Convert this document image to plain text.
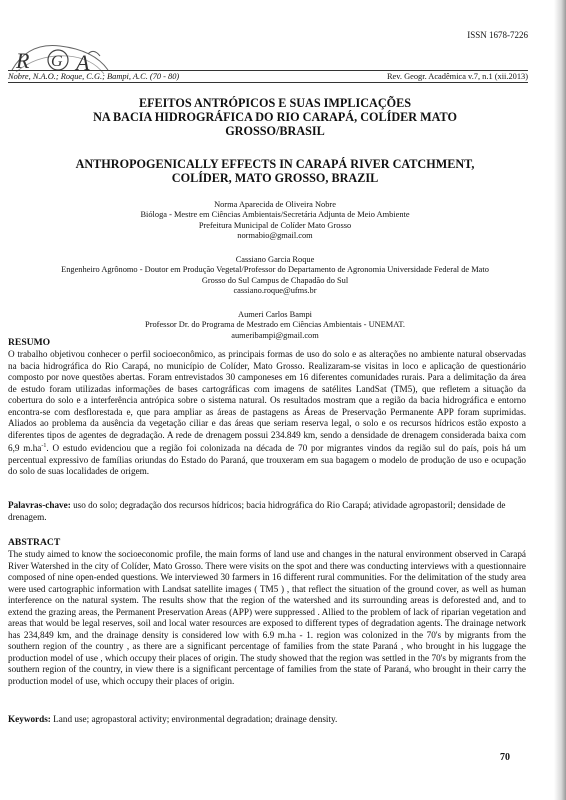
R G A
ISSN 1678-7226
Nobre, N.A.O.; Roque, C.G.; Bampi, A.C. (70 - 80)	Rev. Geogr. Acadêmica v.7, n.1 (xii.2013)
EFEITOS ANTRÓPICOS E SUAS IMPLICAÇÕES
NA BACIA HIDROGRÁFICA DO RIO CARAPÁ, COLÍDER MATO
GROSSO/BRASIL
ANTHROPOGENICALLY EFFECTS IN CARAPÁ RIVER CATCHMENT,
COLÍDER, MATO GROSSO, BRAZIL
Norma Aparecida de Oliveira Nobre
Bióloga - Mestre em Ciências Ambientais/Secretária Adjunta de Meio Ambiente
Prefeitura Municipal de Colíder Mato Grosso
normabio@gmail.com
Cassiano Garcia Roque
Engenheiro Agrônomo - Doutor em Produção Vegetal/Professor do Departamento de Agronomia Universidade Federal de Mato
Grosso do Sul Campus de Chapadão do Sul
cassiano.roque@ufms.br
Aumeri Carlos Bampi
Professor Dr. do Programa de Mestrado em Ciências Ambientais - UNEMAT.
aumeribampi@gmail.com
RESUMO

O trabalho objetivou conhecer o perfil socioeconômico, as principais formas de uso do solo e as alterações no ambiente natural observadas na bacia hidrográfica do Rio Carapá, no município de Colíder, Mato Grosso. Realizaram-se visitas in loco e aplicação de questionário composto por nove questões abertas. Foram entrevistados 30 camponeses em 16 diferentes comunidades rurais. Para a delimitação da área de estudo foram utilizadas informações de bases cartográficas com imagens de satélites LandSat (TM5), que refletem a situação da cobertura do solo e a interferência antrópica sobre o sistema natural. Os resultados mostram que a região da bacia hidrográfica e entorno encontra-se com desflorestada e, que para ampliar as áreas de pastagens as Áreas de Preservação Permanente APP foram suprimidas. Aliados ao problema da ausência da vegetação ciliar e das áreas que seriam reserva legal, o solo e os recursos hídricos estão exposto a diferentes tipos de agentes de degradação. A rede de drenagem possui 234.849 km, sendo a densidade de drenagem considerada baixa com 6,9 $m.ha^{-1}$. O estudo evidenciou que a região foi colonizada na década de 70 por migrantes vindos da região sul do país, pois há um percentual expressivo de famílias oriundas do Estado do Paraná, que trouxeram em sua bagagem o modelo de produção de uso e ocupação do solo de suas localidades de origem.

Palavras-chave: uso do solo; degradação dos recursos hídricos; bacia hidrográfica do Rio Carapá; atividade agropastoril; densidade de drenagem.
ABSTRACT

The study aimed to know the socioeconomic profile, the main forms of land use and changes in the natural environment observed in Carapá River Watershed in the city of Colíder, Mato Grosso. There were visits on the spot and there was conducting interviews with a questionnaire composed of nine open-ended questions. We interviewed 30 farmers in 16 different rural communities. For the delimitation of the study area were used cartographic information with Landsat satellite images ( TM5 ) , that reflect the situation of the ground cover, as well as human interference on the natural system. The results show that the region of the watershed and its surrounding areas is deforested and, and to extend the grazing areas, the Permanent Preservation Areas (APP) were suppressed . Allied to the problem of lack of riparian vegetation and areas that would be legal reserves, soil and local water resources are exposed to different types of degradation agents. The drainage network has 234,849 km, and the drainage density is considered low with 6.9 m.ha - 1. region was colonized in the 70's by migrants from the southern region of the country , as there are a significant percentage of families from the state Paraná , who brought in his luggage the production model of use , which occupy their places of origin. The study showed that the region was settled in the 70's by migrants from the southern region of the country, in view there is a significant percentage of families from the state of Paraná, who brought in their carry the production model of use, which occupy their places of origin.

Keywords: Land use; agropastoral activity; environmental degradation; drainage density.
70
